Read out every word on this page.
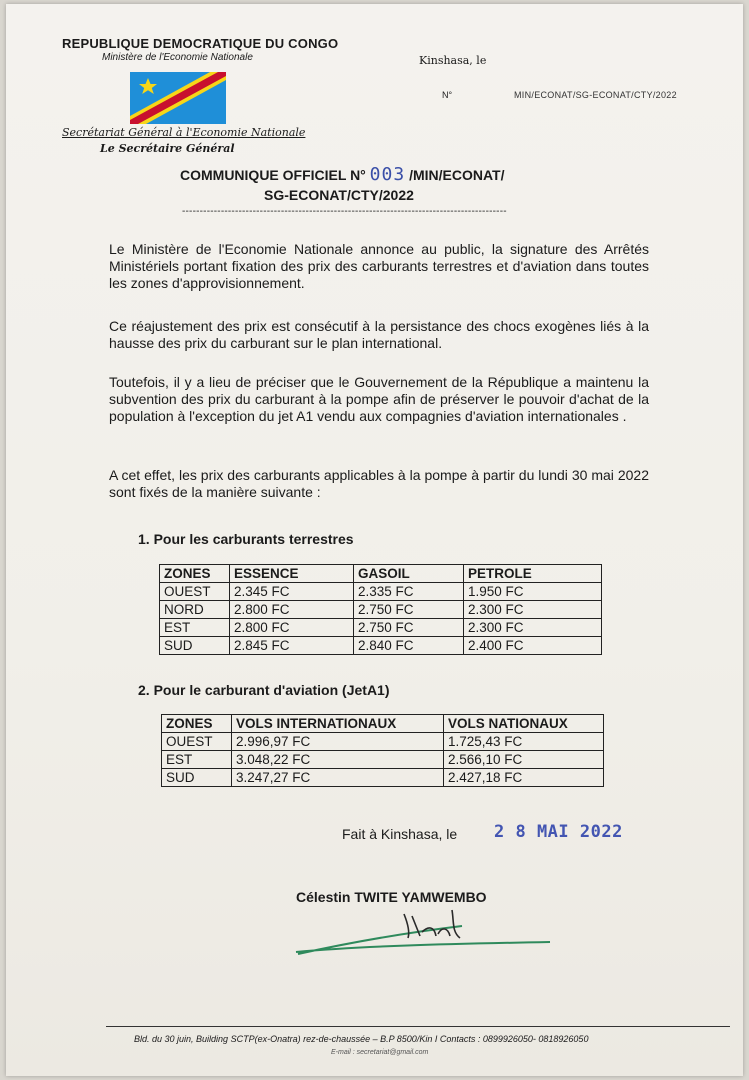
REPUBLIQUE DEMOCRATIQUE DU CONGO
Ministère de l'Economie Nationale	Kinshasa, le
N°	MIN/ECONAT/SG-ECONAT/CTY/2022
Secrétariat Général à l'Economie Nationale
Le Secrétaire Général
COMMUNIQUE OFFICIEL N° 003 /MIN/ECONAT/
SG-ECONAT/CTY/2022
--------------------------------------------------------------------------------------------
Le Ministère de l'Economie Nationale annonce au public, la signature des Arrêtés Ministériels portant fixation des prix des carburants terrestres et d'aviation dans toutes les zones d'approvisionnement.
Ce réajustement des prix est consécutif à la persistance des chocs exogènes liés à la hausse des prix du carburant sur le plan international.
Toutefois, il y a lieu de préciser que le Gouvernement de la République a maintenu la subvention des prix du carburant à la pompe afin de préserver le pouvoir d'achat de la population à l'exception du jet A1 vendu aux compagnies d'aviation internationales .
A cet effet, les prix des carburants applicables à la pompe à partir du lundi 30 mai 2022 sont fixés de la manière suivante :
1. Pour les carburants terrestres
ZONES	ESSENCE	GASOIL	PETROLE
OUEST	2.345 FC	2.335 FC	1.950 FC
NORD	2.800 FC	2.750 FC	2.300 FC
EST	2.800 FC	2.750 FC	2.300 FC
SUD	2.845 FC	2.840 FC	2.400 FC
2. Pour le carburant d'aviation (JetA1)
ZONES	VOLS INTERNATIONAUX	VOLS NATIONAUX
OUEST	2.996,97 FC	1.725,43 FC
EST	3.048,22 FC	2.566,10 FC
SUD	3.247,27 FC	2.427,18 FC
Fait à Kinshasa, le 2 8 MAI 2022
Célestin TWITE YAMWEMBO
Bld. du 30 juin, Building SCTP(ex-Onatra) rez-de-chaussée – B.P 8500/Kin I Contacts : 0899926050- 0818926050
E-mail : secretariat@gmail.com
